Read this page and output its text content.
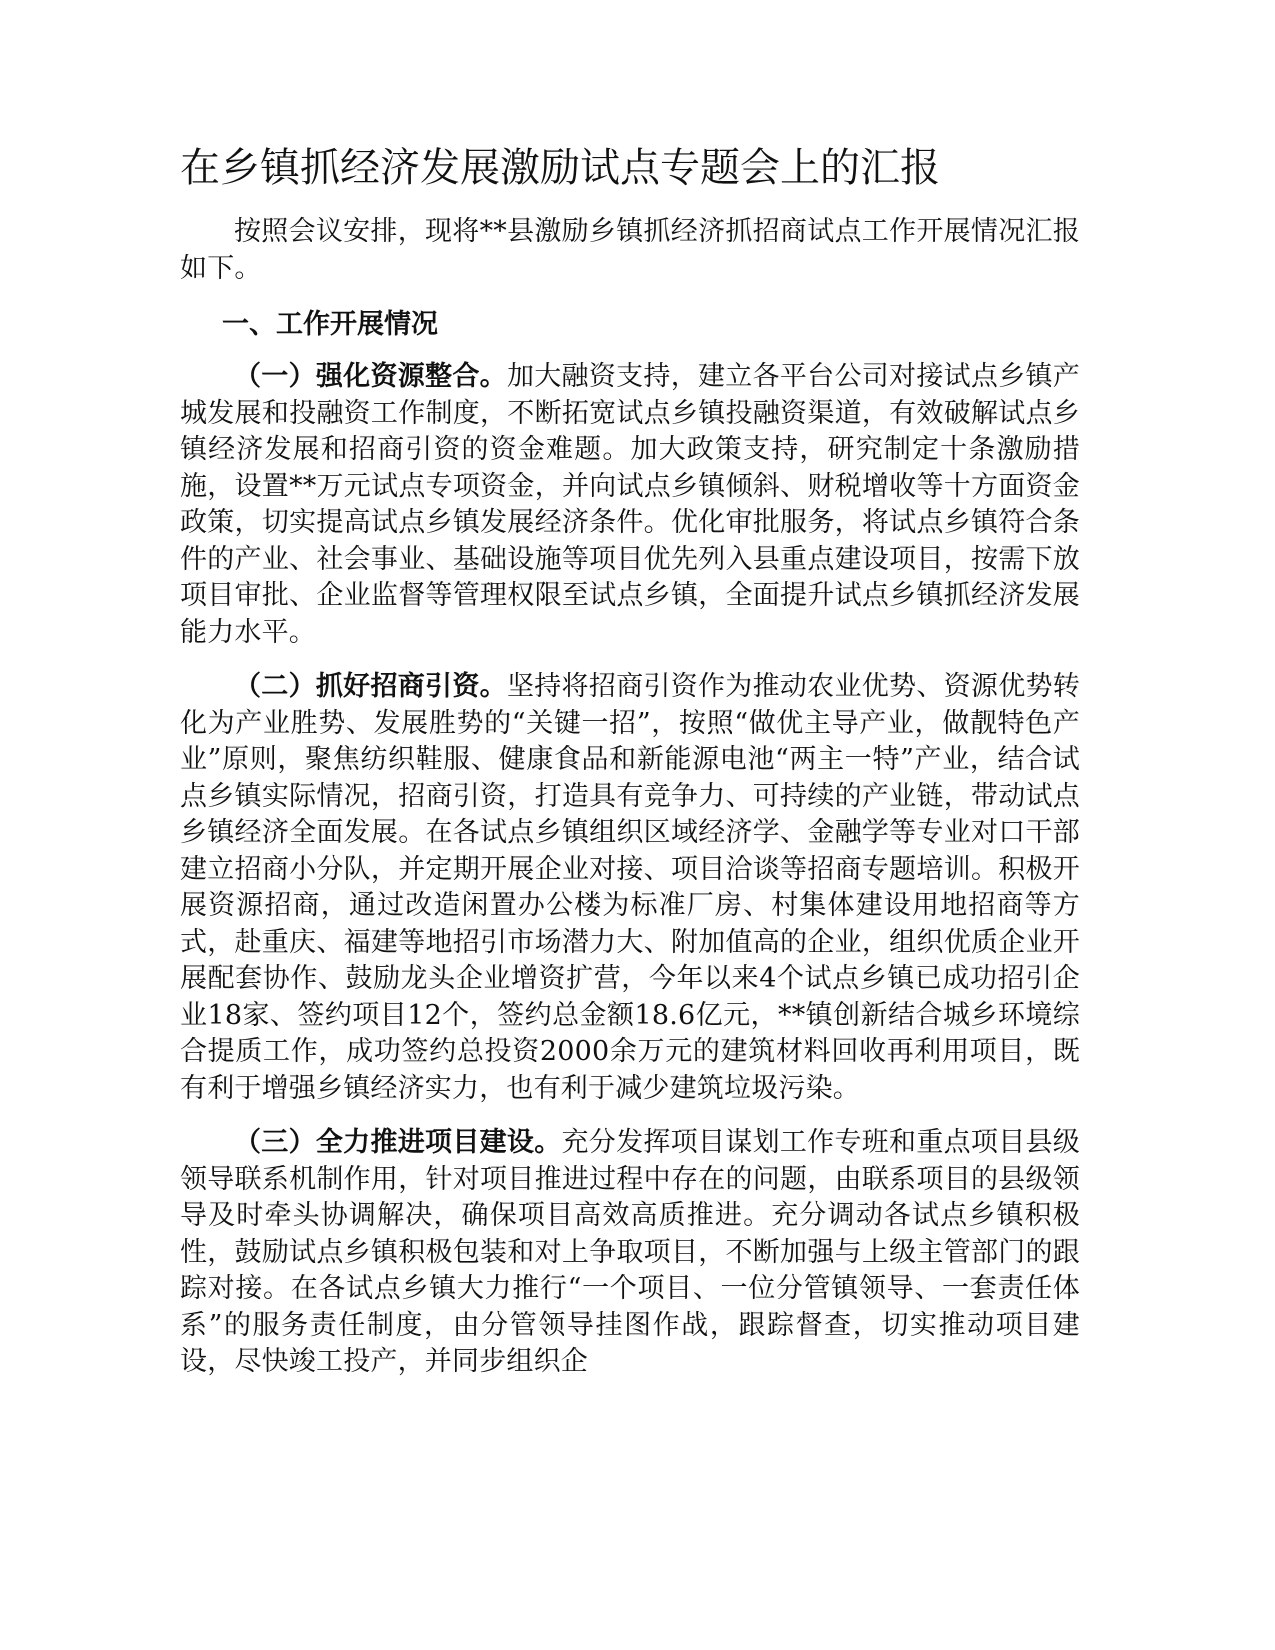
在乡镇抓经济发展激励试点专题会上的汇报

按照会议安排，现将**县激励乡镇抓经济抓招商试点工作开展情况汇报如下。

一、工作开展情况

（一）强化资源整合。加大融资支持，建立各平台公司对接试点乡镇产城发展和投融资工作制度，不断拓宽试点乡镇投融资渠道，有效破解试点乡镇经济发展和招商引资的资金难题。加大政策支持，研究制定十条激励措施，设置**万元试点专项资金，并向试点乡镇倾斜、财税增收等十方面资金政策，切实提高试点乡镇发展经济条件。优化审批服务，将试点乡镇符合条件的产业、社会事业、基础设施等项目优先列入县重点建设项目，按需下放项目审批、企业监督等管理权限至试点乡镇，全面提升试点乡镇抓经济发展能力水平。

（二）抓好招商引资。坚持将招商引资作为推动农业优势、资源优势转化为产业胜势、发展胜势的“关键一招”，按照“做优主导产业，做靓特色产业”原则，聚焦纺织鞋服、健康食品和新能源电池“两主一特”产业，结合试点乡镇实际情况，招商引资，打造具有竞争力、可持续的产业链，带动试点乡镇经济全面发展。在各试点乡镇组织区域经济学、金融学等专业对口干部建立招商小分队，并定期开展企业对接、项目洽谈等招商专题培训。积极开展资源招商，通过改造闲置办公楼为标准厂房、村集体建设用地招商等方式，赴重庆、福建等地招引市场潜力大、附加值高的企业，组织优质企业开展配套协作、鼓励龙头企业增资扩营，今年以来4个试点乡镇已成功招引企业18家、签约项目12个，签约总金额18.6亿元，**镇创新结合城乡环境综合提质工作，成功签约总投资2000余万元的建筑材料回收再利用项目，既有利于增强乡镇经济实力，也有利于减少建筑垃圾污染。

（三）全力推进项目建设。充分发挥项目谋划工作专班和重点项目县级领导联系机制作用，针对项目推进过程中存在的问题，由联系项目的县级领导及时牵头协调解决，确保项目高效高质推进。充分调动各试点乡镇积极性，鼓励试点乡镇积极包装和对上争取项目，不断加强与上级主管部门的跟踪对接。在各试点乡镇大力推行“一个项目、一位分管镇领导、一套责任体系”的服务责任制度，由分管领导挂图作战，跟踪督查，切实推动项目建设，尽快竣工投产，并同步组织企
